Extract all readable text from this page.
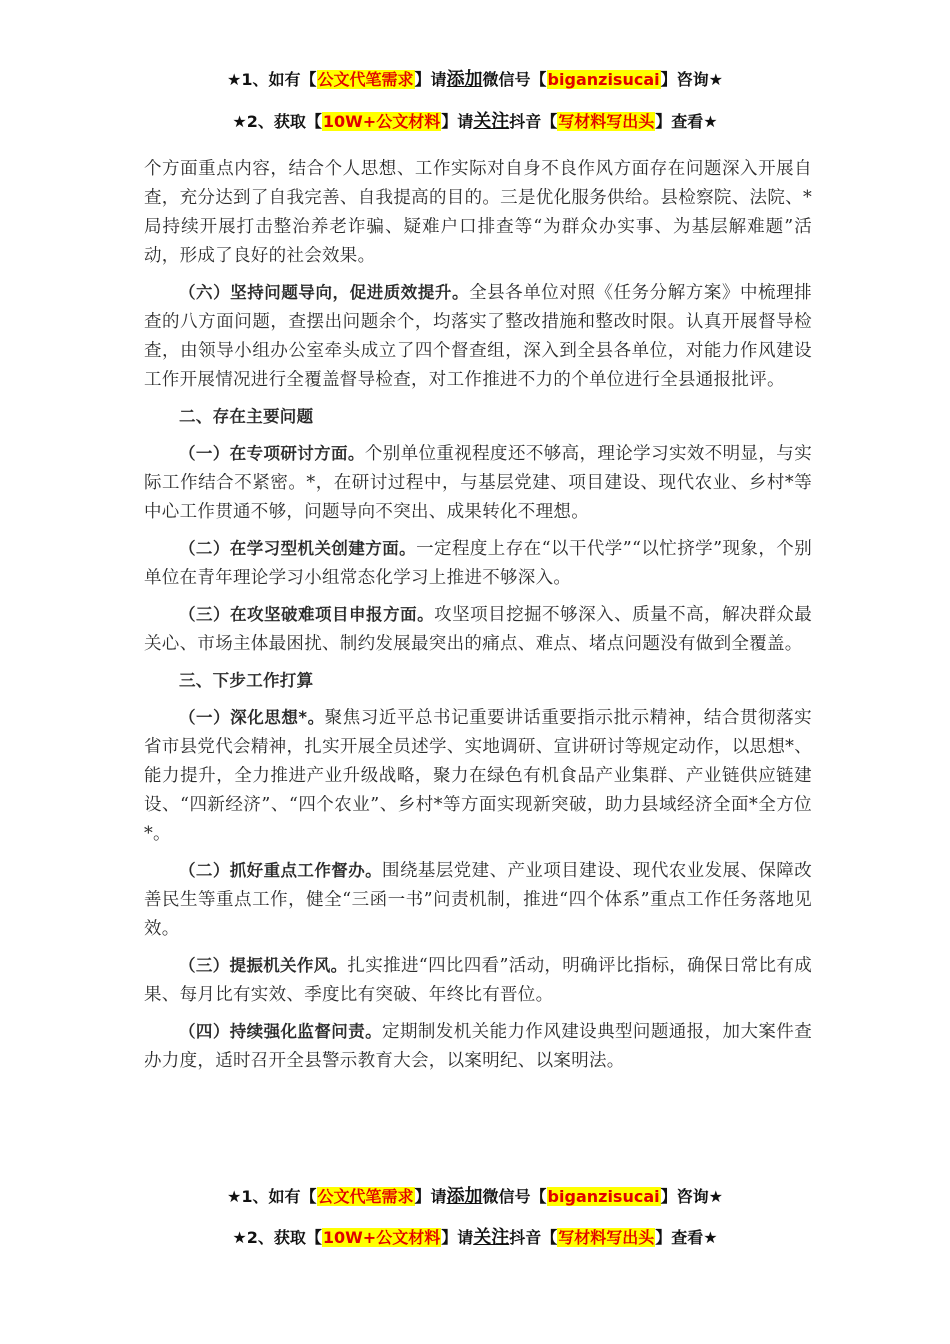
★1、如有【公文代笔需求】请添加微信号【biganzisucai】咨询★
★2、获取【10W+公文材料】请关注抖音【写材料写出头】查看★

个方面重点内容，结合个人思想、工作实际对自身不良作风方面存在问题深入开展自查，充分达到了自我完善、自我提高的目的。三是优化服务供给。县检察院、法院、*局持续开展打击整治养老诈骗、疑难户口排查等“为群众办实事、为基层解难题”活动，形成了良好的社会效果。

（六）坚持问题导向，促进质效提升。全县各单位对照《任务分解方案》中梳理排查的八方面问题，查摆出问题余个，均落实了整改措施和整改时限。认真开展督导检查，由领导小组办公室牵头成立了四个督查组，深入到全县各单位，对能力作风建设工作开展情况进行全覆盖督导检查，对工作推进不力的个单位进行全县通报批评。

二、存在主要问题

（一）在专项研讨方面。个别单位重视程度还不够高，理论学习实效不明显，与实际工作结合不紧密。*，在研讨过程中，与基层党建、项目建设、现代农业、乡村*等中心工作贯通不够，问题导向不突出、成果转化不理想。

（二）在学习型机关创建方面。一定程度上存在“以干代学”“以忙挤学”现象，个别单位在青年理论学习小组常态化学习上推进不够深入。

（三）在攻坚破难项目申报方面。攻坚项目挖掘不够深入、质量不高，解决群众最关心、市场主体最困扰、制约发展最突出的痛点、难点、堵点问题没有做到全覆盖。

三、下步工作打算

（一）深化思想*。聚焦习近平总书记重要讲话重要指示批示精神，结合贯彻落实省市县党代会精神，扎实开展全员述学、实地调研、宣讲研讨等规定动作，以思想*、能力提升，全力推进产业升级战略，聚力在绿色有机食品产业集群、产业链供应链建设、“四新经济”、“四个农业”、乡村*等方面实现新突破，助力县域经济全面*全方位*。

（二）抓好重点工作督办。围绕基层党建、产业项目建设、现代农业发展、保障改善民生等重点工作，健全“三函一书”问责机制，推进“四个体系”重点工作任务落地见效。

（三）提振机关作风。扎实推进“四比四看”活动，明确评比指标，确保日常比有成果、每月比有实效、季度比有突破、年终比有晋位。

（四）持续强化监督问责。定期制发机关能力作风建设典型问题通报，加大案件查办力度，适时召开全县警示教育大会，以案明纪、以案明法。

★1、如有【公文代笔需求】请添加微信号【biganzisucai】咨询★
★2、获取【10W+公文材料】请关注抖音【写材料写出头】查看★
